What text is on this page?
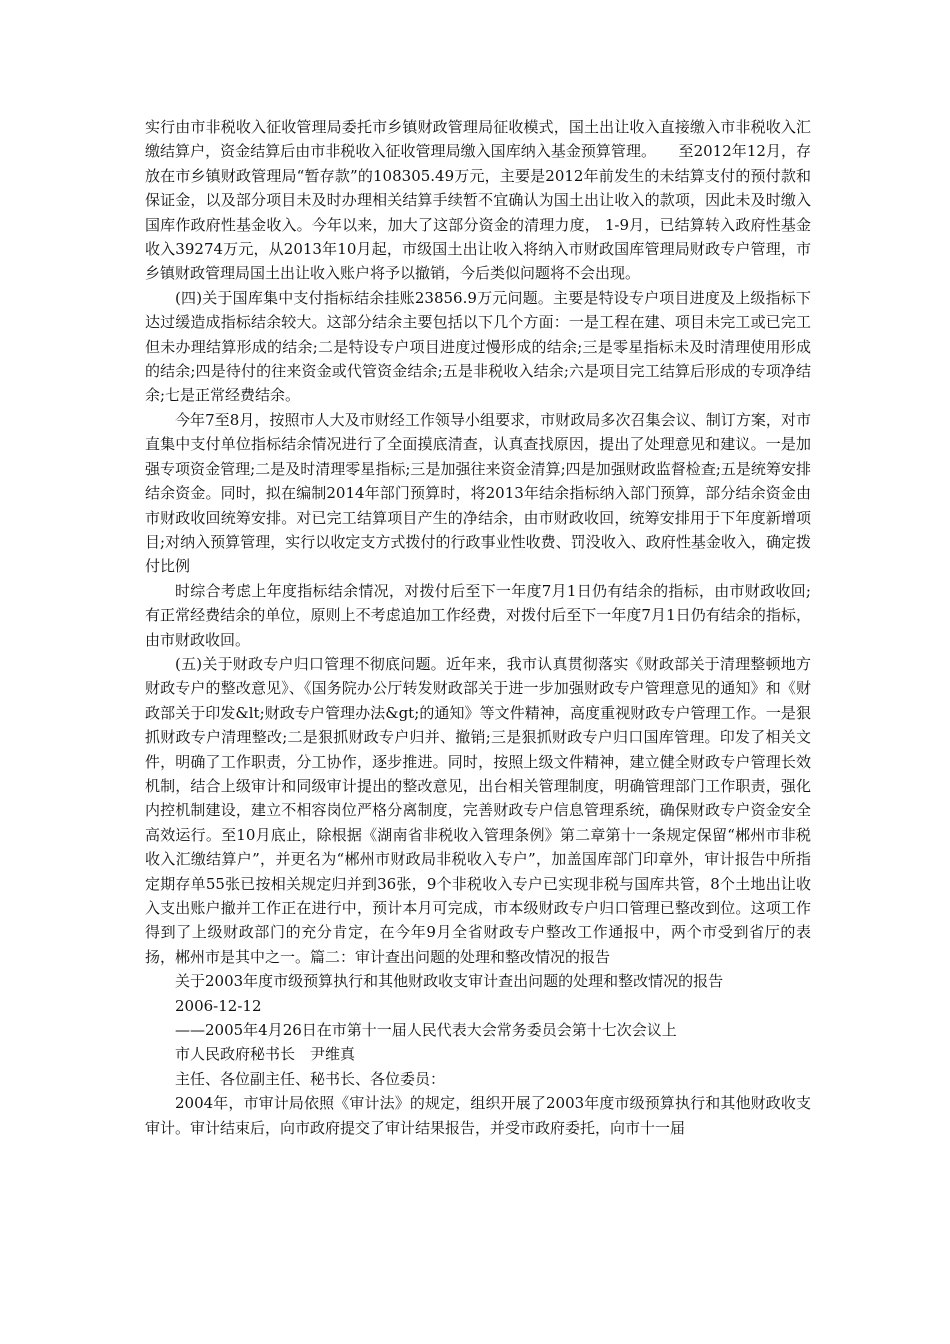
实行由市非税收入征收管理局委托市乡镇财政管理局征收模式，国土出让收入直接缴入市非税收入汇缴结算户，资金结算后由市非税收入征收管理局缴入国库纳入基金预算管理。　　至2012年12月，存放在市乡镇财政管理局“暂存款”的108305.49万元，主要是2012年前发生的未结算支付的预付款和保证金，以及部分项目未及时办理相关结算手续暂不宜确认为国土出让收入的款项，因此未及时缴入国库作政府性基金收入。今年以来，加大了这部分资金的清理力度， 1-9月，已结算转入政府性基金收入39274万元，从2013年10月起，市级国土出让收入将纳入市财政国库管理局财政专户管理，市乡镇财政管理局国土出让收入账户将予以撤销，今后类似问题将不会出现。

(四)关于国库集中支付指标结余挂账23856.9万元问题。主要是特设专户项目进度及上级指标下达过缓造成指标结余较大。这部分结余主要包括以下几个方面：一是工程在建、项目未完工或已完工但未办理结算形成的结余;二是特设专户项目进度过慢形成的结余;三是零星指标未及时清理使用形成的结余;四是待付的往来资金或代管资金结余;五是非税收入结余;六是项目完工结算后形成的专项净结余;七是正常经费结余。

今年7至8月，按照市人大及市财经工作领导小组要求，市财政局多次召集会议、制订方案，对市直集中支付单位指标结余情况进行了全面摸底清查，认真查找原因，提出了处理意见和建议。一是加强专项资金管理;二是及时清理零星指标;三是加强往来资金清算;四是加强财政监督检查;五是统筹安排结余资金。同时，拟在编制2014年部门预算时，将2013年结余指标纳入部门预算，部分结余资金由市财政收回统筹安排。对已完工结算项目产生的净结余，由市财政收回，统筹安排用于下年度新增项目;对纳入预算管理，实行以收定支方式拨付的行政事业性收费、罚没收入、政府性基金收入，确定拨付比例

时综合考虑上年度指标结余情况，对拨付后至下一年度7月1日仍有结余的指标，由市财政收回;有正常经费结余的单位，原则上不考虑追加工作经费，对拨付后至下一年度7月1日仍有结余的指标，由市财政收回。

(五)关于财政专户归口管理不彻底问题。近年来，我市认真贯彻落实《财政部关于清理整顿地方财政专户的整改意见》、《国务院办公厅转发财政部关于进一步加强财政专户管理意见的通知》和《财政部关于印发&lt;财政专户管理办法&gt;的通知》等文件精神，高度重视财政专户管理工作。一是狠抓财政专户清理整改;二是狠抓财政专户归并、撤销;三是狠抓财政专户归口国库管理。印发了相关文件，明确了工作职责，分工协作，逐步推进。同时，按照上级文件精神，建立健全财政专户管理长效机制，结合上级审计和同级审计提出的整改意见，出台相关管理制度，明确管理部门工作职责，强化内控机制建设，建立不相容岗位严格分离制度，完善财政专户信息管理系统，确保财政专户资金安全高效运行。至10月底止，除根据《湖南省非税收入管理条例》第二章第十一条规定保留“郴州市非税收入汇缴结算户”，并更名为“郴州市财政局非税收入专户”，加盖国库部门印章外，审计报告中所指定期存单55张已按相关规定归并到36张，9个非税收入专户已实现非税与国库共管，8个土地出让收入支出账户撤并工作正在进行中，预计本月可完成，市本级财政专户归口管理已整改到位。这项工作得到了上级财政部门的充分肯定，在今年9月全省财政专户整改工作通报中，两个市受到省厅的表扬，郴州市是其中之一。篇二：审计查出问题的处理和整改情况的报告

关于2003年度市级预算执行和其他财政收支审计查出问题的处理和整改情况的报告

2006-12-12

——2005年4月26日在市第十一届人民代表大会常务委员会第十七次会议上

市人民政府秘书长　尹维真

主任、各位副主任、秘书长、各位委员：

2004年，市审计局依照《审计法》的规定，组织开展了2003年度市级预算执行和其他财政收支审计。审计结束后，向市政府提交了审计结果报告，并受市政府委托，向市十一届
